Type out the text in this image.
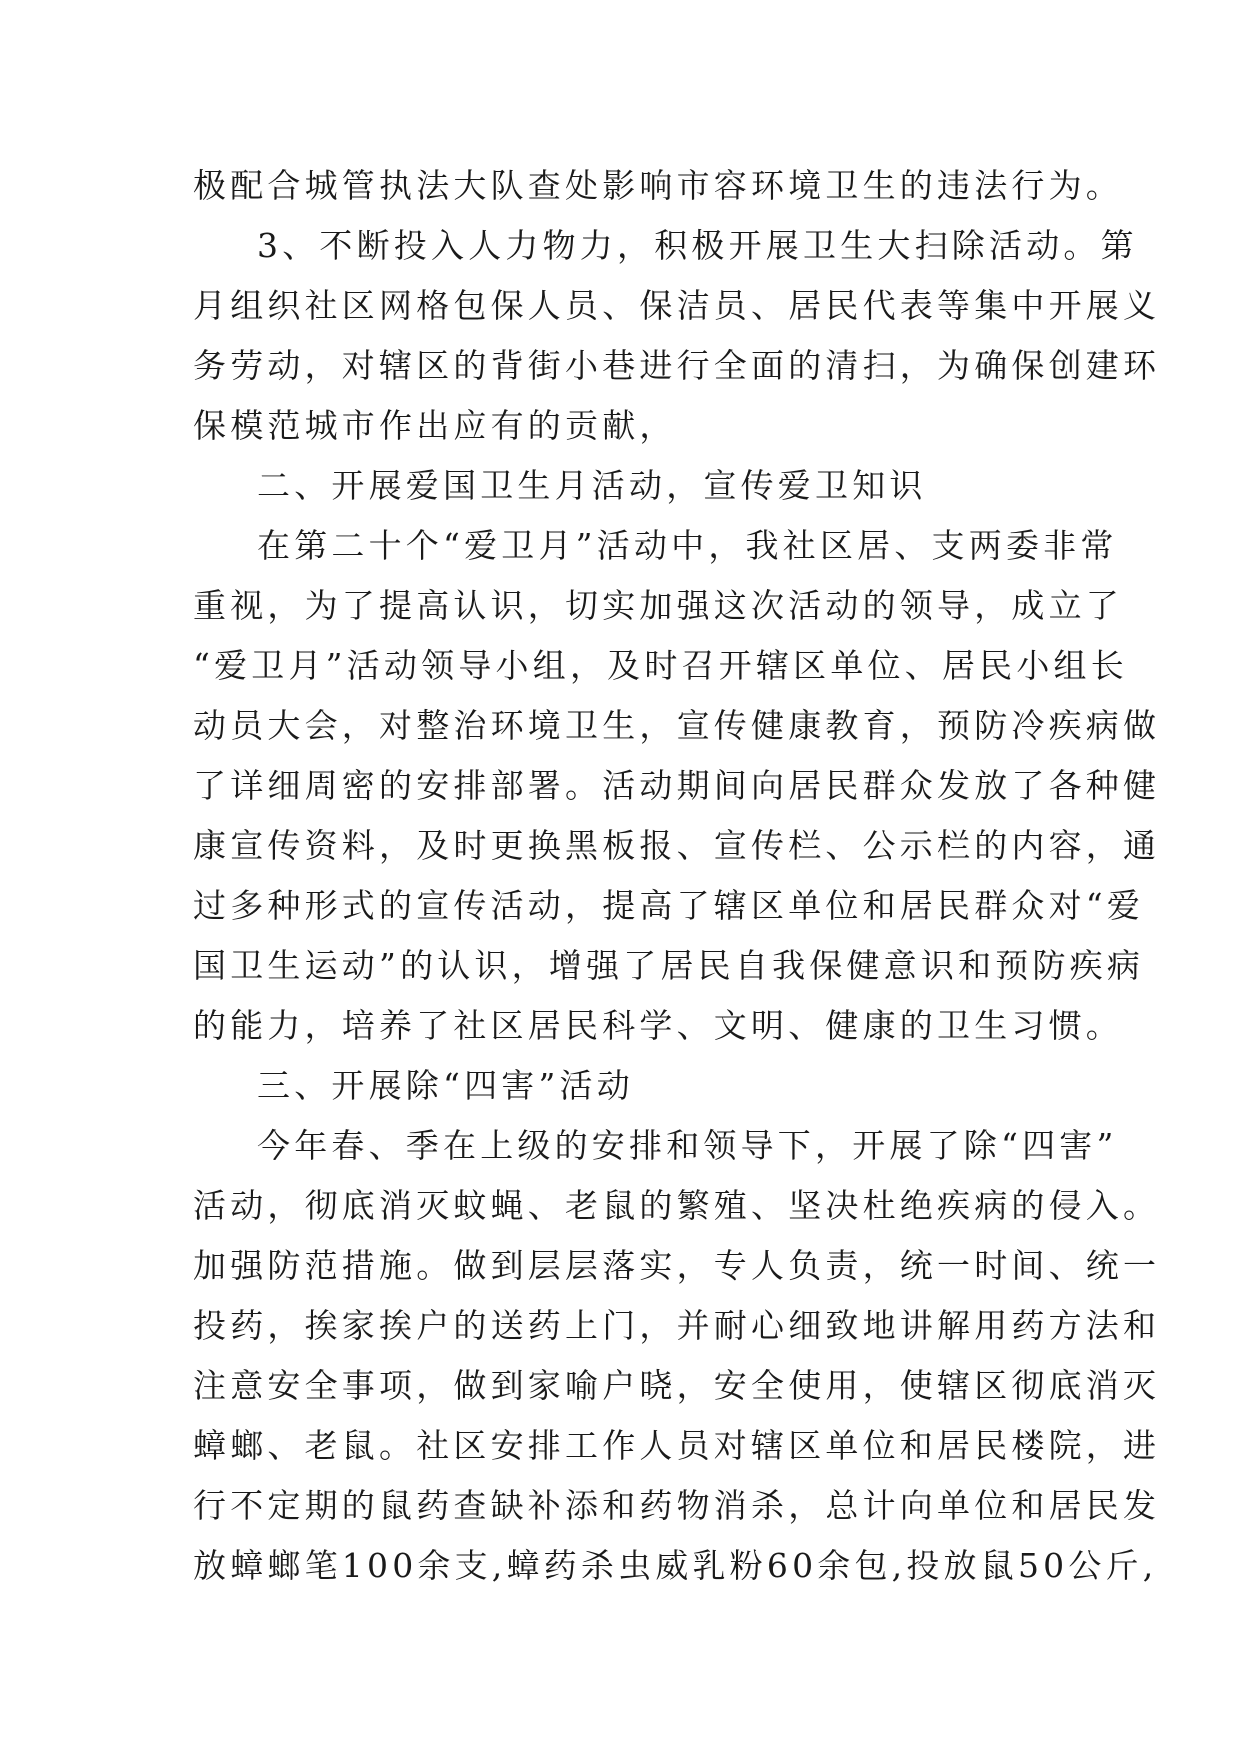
极配合城管执法大队查处影响市容环境卫生的违法行为。
3、不断投入人力物力，积极开展卫生大扫除活动。第
月组织社区网格包保人员、保洁员、居民代表等集中开展义
务劳动，对辖区的背街小巷进行全面的清扫，为确保创建环
保模范城市作出应有的贡献，
二、开展爱国卫生月活动，宣传爱卫知识
在第二十个“爱卫月”活动中，我社区居、支两委非常
重视，为了提高认识，切实加强这次活动的领导，成立了
“爱卫月”活动领导小组，及时召开辖区单位、居民小组长
动员大会，对整治环境卫生，宣传健康教育，预防冷疾病做
了详细周密的安排部署。活动期间向居民群众发放了各种健
康宣传资料，及时更换黑板报、宣传栏、公示栏的内容，通
过多种形式的宣传活动，提高了辖区单位和居民群众对“爱
国卫生运动”的认识，增强了居民自我保健意识和预防疾病
的能力，培养了社区居民科学、文明、健康的卫生习惯。
三、开展除“四害”活动
今年春、季在上级的安排和领导下，开展了除“四害”
活动，彻底消灭蚊蝇、老鼠的繁殖、坚决杜绝疾病的侵入。
加强防范措施。做到层层落实，专人负责，统一时间、统一
投药，挨家挨户的送药上门，并耐心细致地讲解用药方法和
注意安全事项，做到家喻户晓，安全使用，使辖区彻底消灭
蟑螂、老鼠。社区安排工作人员对辖区单位和居民楼院，进
行不定期的鼠药查缺补添和药物消杀，总计向单位和居民发
放蟑螂笔100余支,蟑药杀虫威乳粉60余包,投放鼠50公斤,
